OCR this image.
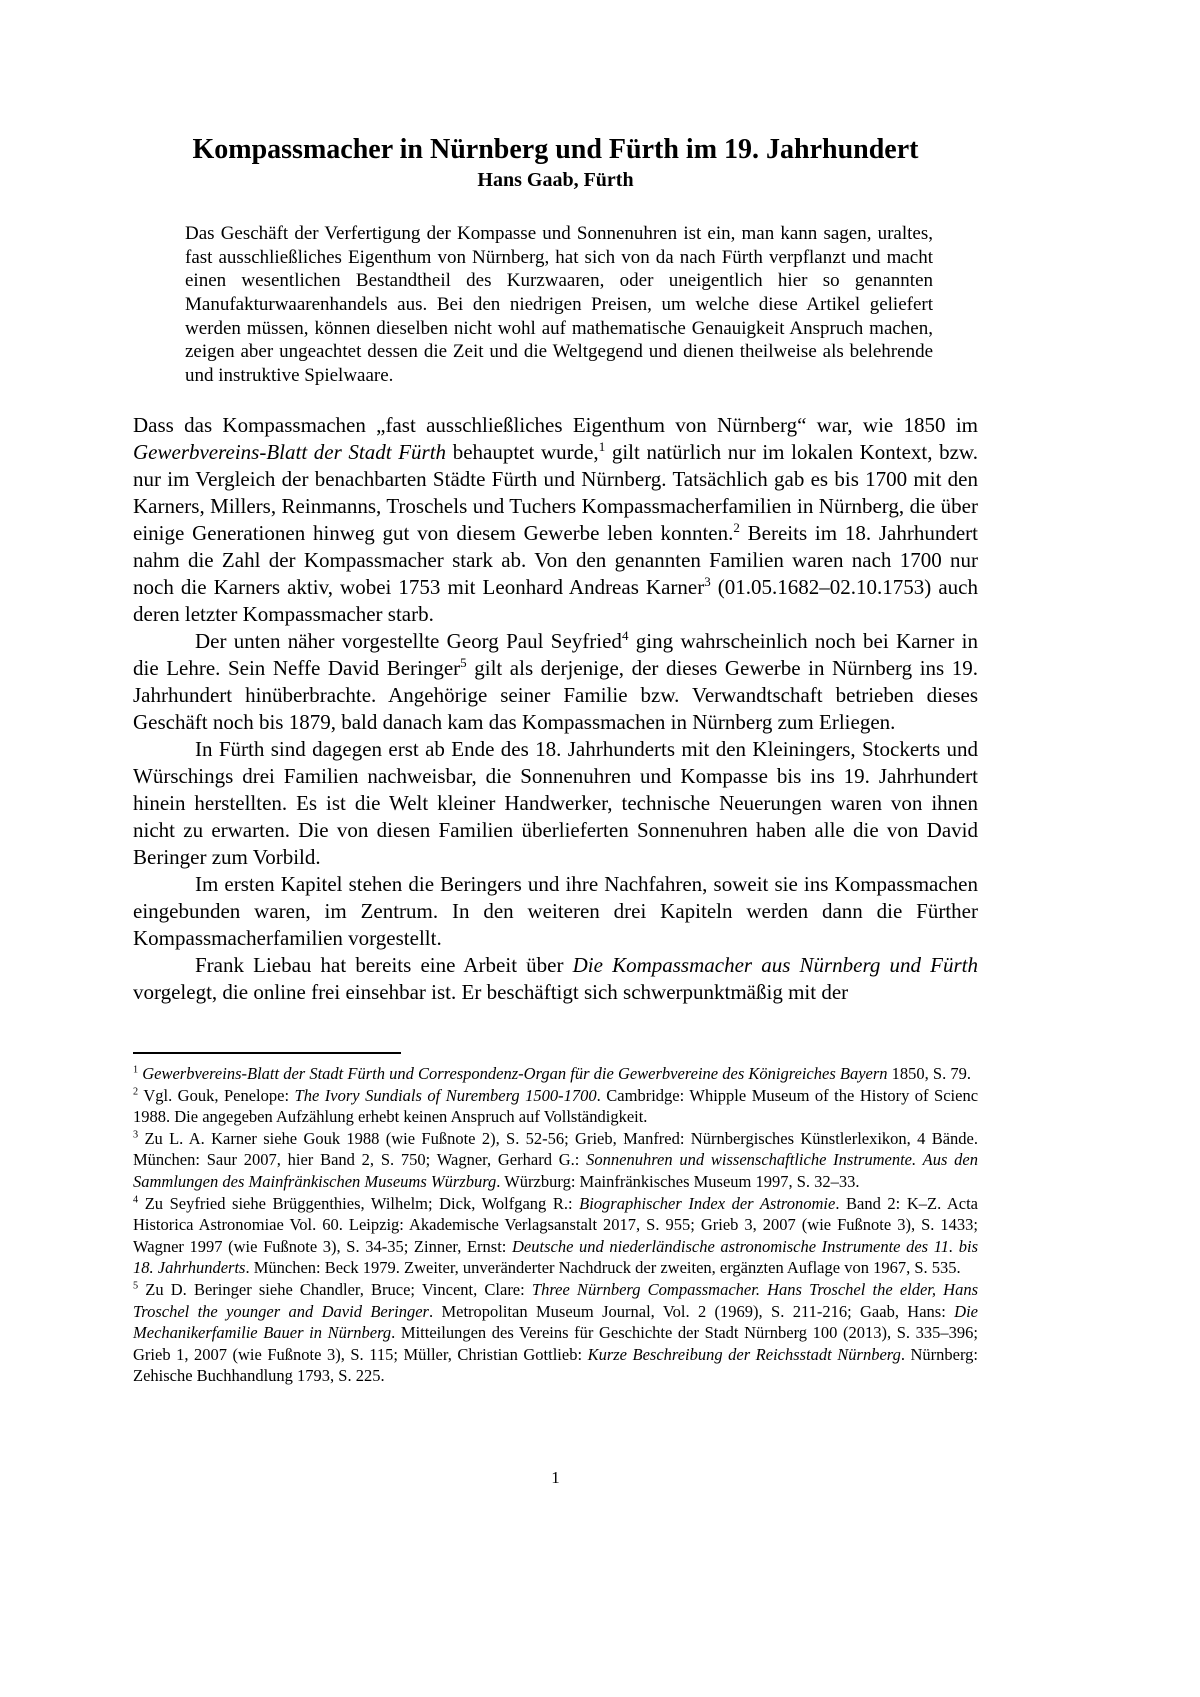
Kompassmacher in Nürnberg und Fürth im 19. Jahrhundert
Hans Gaab, Fürth
Das Geschäft der Verfertigung der Kompasse und Sonnenuhren ist ein, man kann sagen, uraltes, fast ausschließliches Eigenthum von Nürnberg, hat sich von da nach Fürth verpflanzt und macht einen wesentlichen Bestandtheil des Kurzwaaren, oder uneigentlich hier so genannten Manufakturwaarenhandels aus. Bei den niedrigen Preisen, um welche diese Artikel geliefert werden müssen, können dieselben nicht wohl auf mathematische Genauigkeit Anspruch machen, zeigen aber ungeachtet dessen die Zeit und die Weltgegend und dienen theilweise als belehrende und instruktive Spielwaare.

Dass das Kompassmachen „fast ausschließliches Eigenthum von Nürnberg“ war, wie 1850 im Gewerbvereins-Blatt der Stadt Fürth behauptet wurde,$^1$ gilt natürlich nur im lokalen Kontext, bzw. nur im Vergleich der benachbarten Städte Fürth und Nürnberg. Tatsächlich gab es bis 1700 mit den Karners, Millers, Reinmanns, Troschels und Tuchers Kompassmacherfamilien in Nürnberg, die über einige Generationen hinweg gut von diesem Gewerbe leben konnten.$^2$ Bereits im 18. Jahrhundert nahm die Zahl der Kompassmacher stark ab. Von den genannten Familien waren nach 1700 nur noch die Karners aktiv, wobei 1753 mit Leonhard Andreas Karner$^3$ (01.05.1682–02.10.1753) auch deren letzter Kompassmacher starb.

Der unten näher vorgestellte Georg Paul Seyfried$^4$ ging wahrscheinlich noch bei Karner in die Lehre. Sein Neffe David Beringer$^5$ gilt als derjenige, der dieses Gewerbe in Nürnberg ins 19. Jahrhundert hinüberbrachte. Angehörige seiner Familie bzw. Verwandtschaft betrieben dieses Geschäft noch bis 1879, bald danach kam das Kompassmachen in Nürnberg zum Erliegen.

In Fürth sind dagegen erst ab Ende des 18. Jahrhunderts mit den Kleiningers, Stockerts und Würschings drei Familien nachweisbar, die Sonnenuhren und Kompasse bis ins 19. Jahrhundert hinein herstellten. Es ist die Welt kleiner Handwerker, technische Neuerungen waren von ihnen nicht zu erwarten. Die von diesen Familien überlieferten Sonnenuhren haben alle die von David Beringer zum Vorbild.

Im ersten Kapitel stehen die Beringers und ihre Nachfahren, soweit sie ins Kompassmachen eingebunden waren, im Zentrum. In den weiteren drei Kapiteln werden dann die Fürther Kompassmacherfamilien vorgestellt.

Frank Liebau hat bereits eine Arbeit über Die Kompassmacher aus Nürnberg und Fürth vorgelegt, die online frei einsehbar ist. Er beschäftigt sich schwerpunktmäßig mit der

$^1$ Gewerbvereins-Blatt der Stadt Fürth und Correspondenz-Organ für die Gewerbvereine des Königreiches Bayern 1850, S. 79.

$^2$ Vgl. Gouk, Penelope: The Ivory Sundials of Nuremberg 1500-1700. Cambridge: Whipple Museum of the History of Scienc 1988. Die angegeben Aufzählung erhebt keinen Anspruch auf Vollständigkeit.

$^3$ Zu L. A. Karner siehe Gouk 1988 (wie Fußnote 2), S. 52-56; Grieb, Manfred: Nürnbergisches Künstlerlexikon, 4 Bände. München: Saur 2007, hier Band 2, S. 750; Wagner, Gerhard G.: Sonnenuhren und wissenschaftliche Instrumente. Aus den Sammlungen des Mainfränkischen Museums Würzburg. Würzburg: Mainfränkisches Museum 1997, S. 32–33.

$^4$ Zu Seyfried siehe Brüggenthies, Wilhelm; Dick, Wolfgang R.: Biographischer Index der Astronomie. Band 2: K–Z. Acta Historica Astronomiae Vol. 60. Leipzig: Akademische Verlagsanstalt 2017, S. 955; Grieb 3, 2007 (wie Fußnote 3), S. 1433; Wagner 1997 (wie Fußnote 3), S. 34-35; Zinner, Ernst: Deutsche und niederländische astronomische Instrumente des 11. bis 18. Jahrhunderts. München: Beck 1979. Zweiter, unveränderter Nachdruck der zweiten, ergänzten Auflage von 1967, S. 535.

$^5$ Zu D. Beringer siehe Chandler, Bruce; Vincent, Clare: Three Nürnberg Compassmacher. Hans Troschel the elder, Hans Troschel the younger and David Beringer. Metropolitan Museum Journal, Vol. 2 (1969), S. 211-216; Gaab, Hans: Die Mechanikerfamilie Bauer in Nürnberg. Mitteilungen des Vereins für Geschichte der Stadt Nürnberg 100 (2013), S. 335–396; Grieb 1, 2007 (wie Fußnote 3), S. 115; Müller, Christian Gottlieb: Kurze Beschreibung der Reichsstadt Nürnberg. Nürnberg: Zehische Buchhandlung 1793, S. 225.

1
